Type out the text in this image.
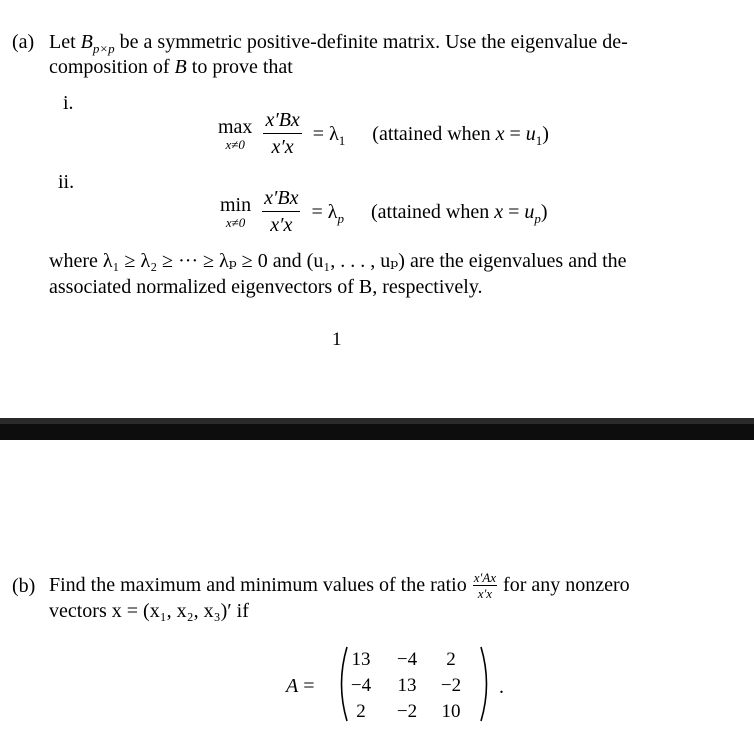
(a) Let $B_{p\times p}$ be a symmetric positive-definite matrix. Use the eigenvalue de-
composition of B to prove that
i.
max
x≠0
$\frac{x'Bx}{x'x} = \lambda_1$ (attained when $x = u_1$)
ii.
min
x≠0
$\frac{x'Bx}{x'x} = \lambda_p$ (attained when $x = u_p$)
where λ₁ ≥ λ₂ ≥ ··· ≥ λₚ ≥ 0 and (u₁, . . . , uₚ) are the eigenvalues and the
associated normalized eigenvectors of B, respectively.
1
(b) Find the maximum and minimum values of the ratio $\frac{x'Ax}{x'x}$ for any nonzero
vectors x = (x₁, x₂, x₃)′ if
A =
13	−4	2
−4	13	−2
2	−2	10
.
